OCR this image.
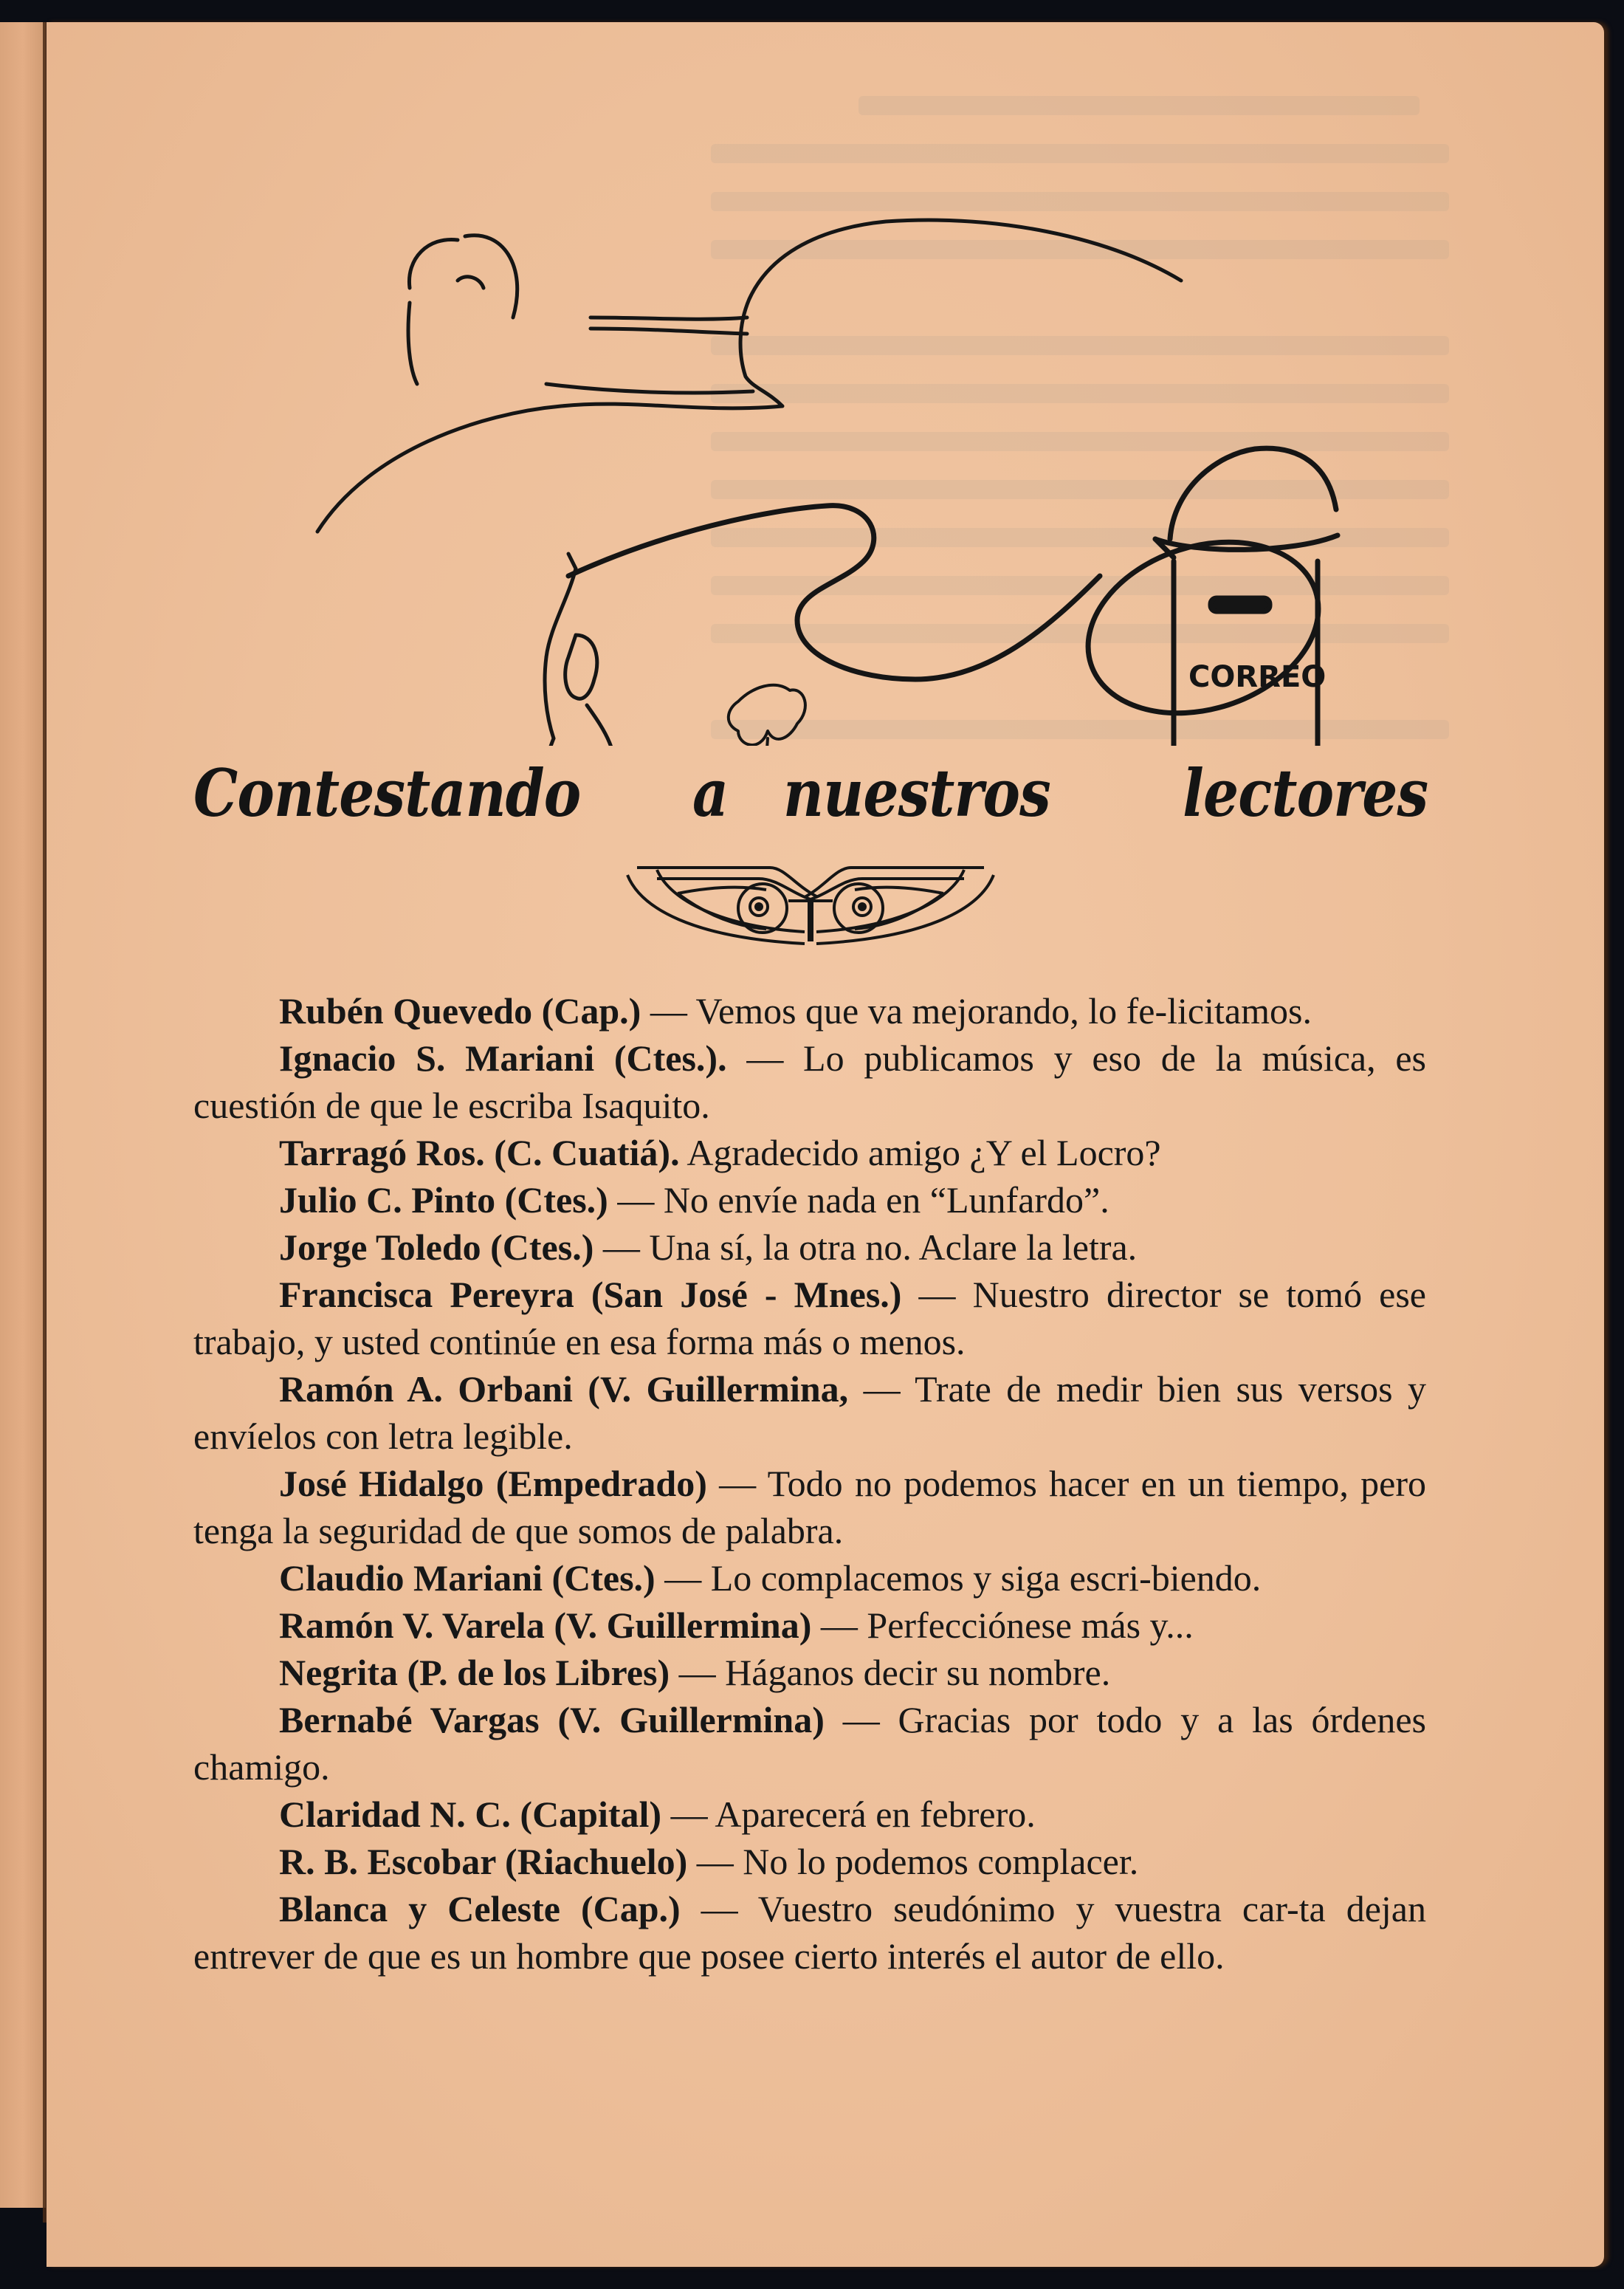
CORREO
Contestando a nuestros lectores

Rubén Quevedo (Cap.) — Vemos que va mejorando, lo fe-licitamos.

Ignacio S. Mariani (Ctes.). — Lo publicamos y eso de la música, es cuestión de que le escriba Isaquito.

Tarragó Ros. (C. Cuatiá). Agradecido amigo ¿Y el Locro?

Julio C. Pinto (Ctes.) — No envíe nada en “Lunfardo”.

Jorge Toledo (Ctes.) — Una sí, la otra no. Aclare la letra.

Francisca Pereyra (San José - Mnes.) — Nuestro director se tomó ese trabajo, y usted continúe en esa forma más o menos.

Ramón A. Orbani (V. Guillermina, — Trate de medir bien sus versos y envíelos con letra legible.

José Hidalgo (Empedrado) — Todo no podemos hacer en un tiempo, pero tenga la seguridad de que somos de palabra.

Claudio Mariani (Ctes.) — Lo complacemos y siga escri-biendo.

Ramón V. Varela (V. Guillermina) — Perfecciónese más y...

Negrita (P. de los Libres) — Háganos decir su nombre.

Bernabé Vargas (V. Guillermina) — Gracias por todo y a las órdenes chamigo.

Claridad N. C. (Capital) — Aparecerá en febrero.

R. B. Escobar (Riachuelo) — No lo podemos complacer.

Blanca y Celeste (Cap.) — Vuestro seudónimo y vuestra car-ta dejan entrever de que es un hombre que posee cierto interés el autor de ello.
